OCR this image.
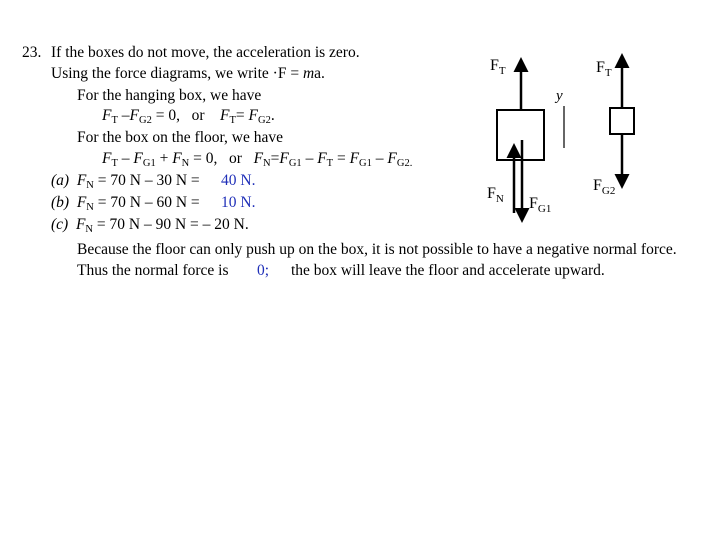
23. If the boxes do not move, the acceleration is zero.
Using the force diagrams, we write ·F = ma.
For the hanging box, we have
FT –FG2 = 0, or FT= FG2.
For the box on the floor, we have
FT – FG1 + FN = 0, or FN=FG1 – FT = FG1 – FG2.
(a) FN = 70 N – 30 N = 40 N.
(b) FN = 70 N – 60 N = 10 N.
(c) FN = 70 N – 90 N = – 20 N.
Because the floor can only push up on the box, it is not possible to have a negative normal force.
Thus the normal force is 0; the box will leave the floor and accelerate upward.
y
$F_T$	$F_T$
$F_N$ $F_{G1}$
$F_{G2}$
